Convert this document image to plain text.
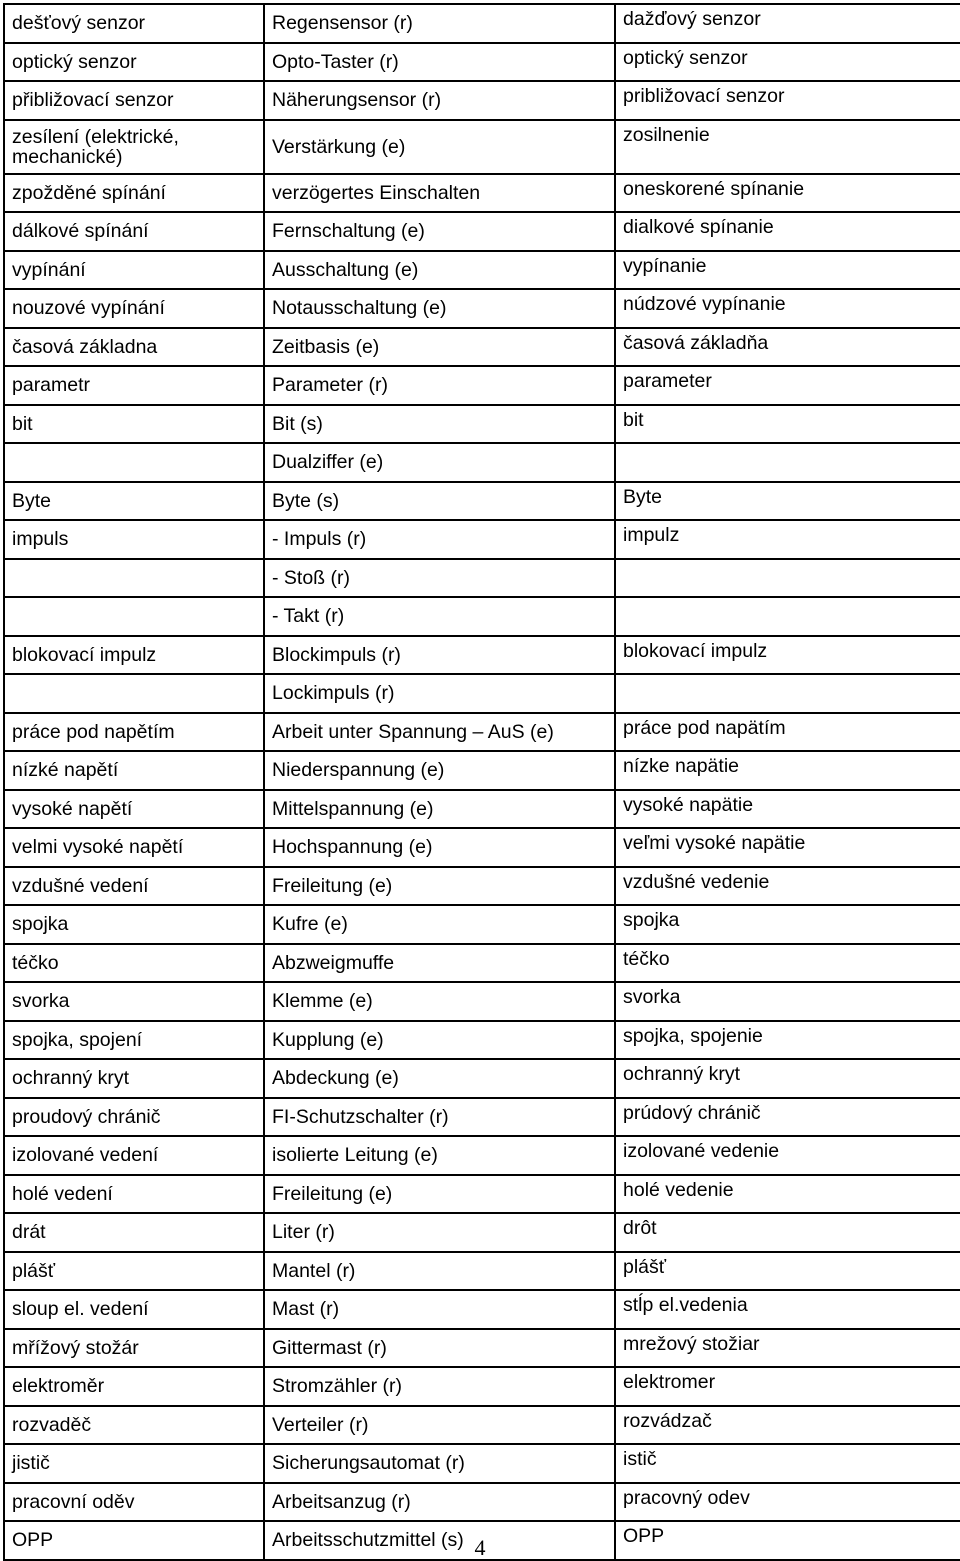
dešťový senzor	Regensensor (r)	dažďový senzor
optický senzor	Opto-Taster (r)	optický senzor
přibližovací senzor	Näherungsensor (r)	približovací senzor
zesílení (elektrické, mechanické)	Verstärkung (e)	zosilnenie
zpožděné spínání	verzögertes Einschalten	oneskorené spínanie
dálkové spínání	Fernschaltung (e)	dialkové spínanie
vypínání	Ausschaltung (e)	vypínanie
nouzové vypínání	Notausschaltung (e)	núdzové vypínanie
časová základna	Zeitbasis (e)	časová základňa
parametr	Parameter (r)	parameter
bit	Bit (s)	bit
	Dualziffer (e)	
Byte	Byte (s)	Byte
impuls	- Impuls (r)	impulz
	- Stoß (r)	
	- Takt (r)	
blokovací impulz	Blockimpuls (r)	blokovací impulz
	Lockimpuls (r)	
práce pod napětím	Arbeit unter Spannung – AuS (e)	práce pod napätím
nízké napětí	Niederspannung (e)	nízke napätie
vysoké napětí	Mittelspannung (e)	vysoké napätie
velmi vysoké napětí	Hochspannung (e)	veľmi vysoké napätie
vzdušné vedení	Freileitung (e)	vzdušné vedenie
spojka	Kufre (e)	spojka
téčko	Abzweigmuffe	téčko
svorka	Klemme (e)	svorka
spojka, spojení	Kupplung (e)	spojka, spojenie
ochranný kryt	Abdeckung (e)	ochranný kryt
proudový chránič	FI-Schutzschalter (r)	prúdový chránič
izolované vedení	isolierte Leitung (e)	izolované vedenie
holé vedení	Freileitung (e)	holé vedenie
drát	Liter (r)	drôt
plášť	Mantel (r)	plášť
sloup el. vedení	Mast (r)	stĺp el.vedenia
mřížový stožár	Gittermast (r)	mrežový stožiar
elektroměr	Stromzähler (r)	elektromer
rozvaděč	Verteiler (r)	rozvádzač
jistič	Sicherungsautomat (r)	istič
pracovní oděv	Arbeitsanzug (r)	pracovný odev
OPP	Arbeitsschutzmittel (s)	OPP
4
